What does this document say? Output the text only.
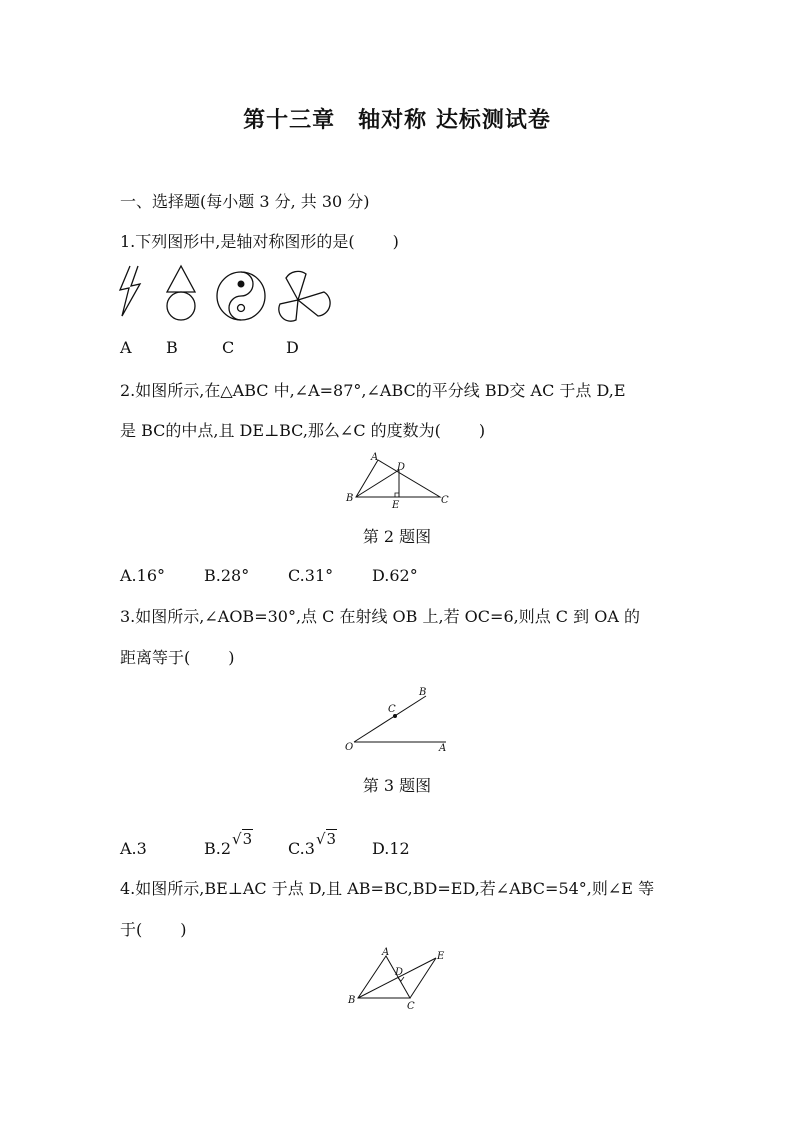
第十三章　轴对称 达标测试卷
一、选择题(每小题 3 分, 共 30 分)
1.下列图形中,是轴对称图形的是( )
A B	C	D
2.如图所示,在△ABC 中,∠A=87°,∠ABC的平分线 BD交 AC 于点 D,E
是 BC的中点,且 DE⊥BC,那么∠C 的度数为( )
A
D
B
E	C
第 2 题图
A.16° B.28° C.31° D.62°
3.如图所示,∠AOB=30°,点 C 在射线 OB 上,若 OC=6,则点 C 到 OA 的
距离等于( )
O	A
B
C
第 3 题图
A.3	B.2√3 C.3√3 D.12
4.如图所示,BE⊥AC 于点 D,且 AB=BC,BD=ED,若∠ABC=54°,则∠E 等
于( )
A
D
E
B
C
